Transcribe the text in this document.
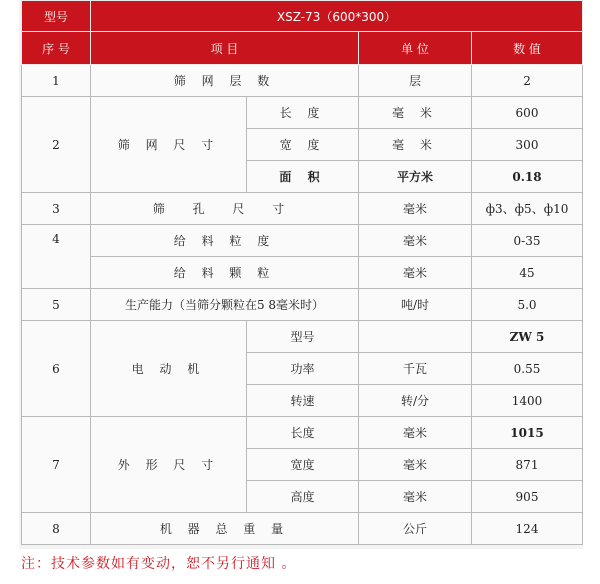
型号	XSZ-73（600*300）			
序 号	项 目		单 位	数 值
1	筛 网 层 数		层	2
2	筛 网 尺 寸	长 度	毫 米	600
		宽 度	毫 米	300
		面 积	平方米	0.18
3	筛 孔 尺 寸		毫米	ф3、ф5、ф10
4	给 料 粒 度		毫米	0-35
	给 料 颗 粒		毫米	45
5	生产能力（当筛分颗粒在5 8毫米时）		吨/时	5.0
6	电 动 机	型号		ZW 5
		功率	千瓦	0.55
		转速	转/分	1400
7	外 形 尺 寸	长度	毫米	1015
		宽度	毫米	871
		高度	毫米	905
8	机 器 总 重 量		公斤	124
注：技术参数如有变动，恕不另行通知 。
